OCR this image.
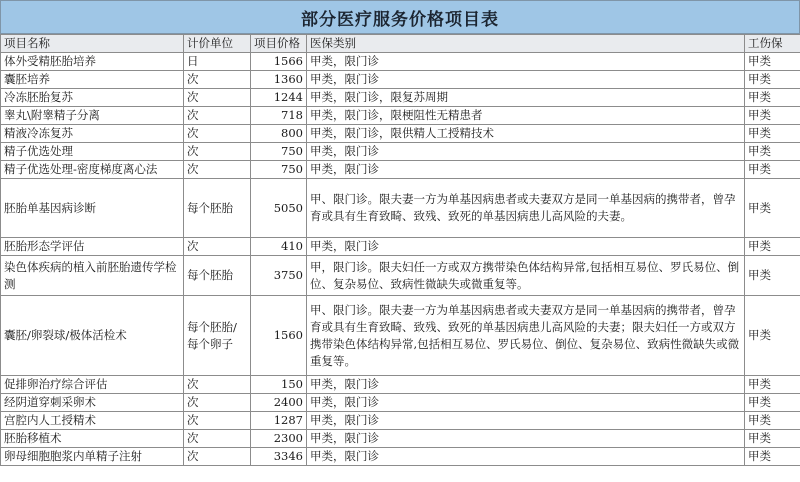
部分医疗服务价格项目表
项目名称	计价单位	项目价格	医保类别	工伤保
体外受精胚胎培养	日	1566	甲类，限门诊	甲类
囊胚培养	次	1360	甲类，限门诊	甲类
冷冻胚胎复苏	次	1244	甲类，限门诊，限复苏周期	甲类
睾丸\附睾精子分离	次	718	甲类，限门诊，限梗阻性无精患者	甲类
精液冷冻复苏	次	800	甲类，限门诊，限供精人工授精技术	甲类
精子优选处理	次	750	甲类，限门诊	甲类
精子优选处理-密度梯度离心法	次	750	甲类，限门诊	甲类
胚胎单基因病诊断	每个胚胎	5050	甲、限门诊。限夫妻一方为单基因病患者或夫妻双方是同一单基因病的携带者，曾孕育或具有生育致畸、致残、致死的单基因病患儿高风险的夫妻。	甲类
胚胎形态学评估	次	410	甲类，限门诊	甲类
染色体疾病的植入前胚胎遗传学检测	每个胚胎	3750	甲，限门诊。限夫妇任一方或双方携带染色体结构异常,包括相互易位、罗氏易位、倒位、复杂易位、致病性微缺失或微重复等。	甲类
囊胚/卵裂球/极体活检术	每个胚胎/每个卵子	1560	甲、限门诊。限夫妻一方为单基因病患者或夫妻双方是同一单基因病的携带者，曾孕育或具有生育致畸、致残、致死的单基因病患儿高风险的夫妻；限夫妇任一方或双方携带染色体结构异常,包括相互易位、罗氏易位、倒位、复杂易位、致病性微缺失或微重复等。	甲类
促排卵治疗综合评估	次	150	甲类，限门诊	甲类
经阴道穿刺采卵术	次	2400	甲类，限门诊	甲类
宫腔内人工授精术	次	1287	甲类，限门诊	甲类
胚胎移植术	次	2300	甲类，限门诊	甲类
卵母细胞胞浆内单精子注射	次	3346	甲类，限门诊	甲类
